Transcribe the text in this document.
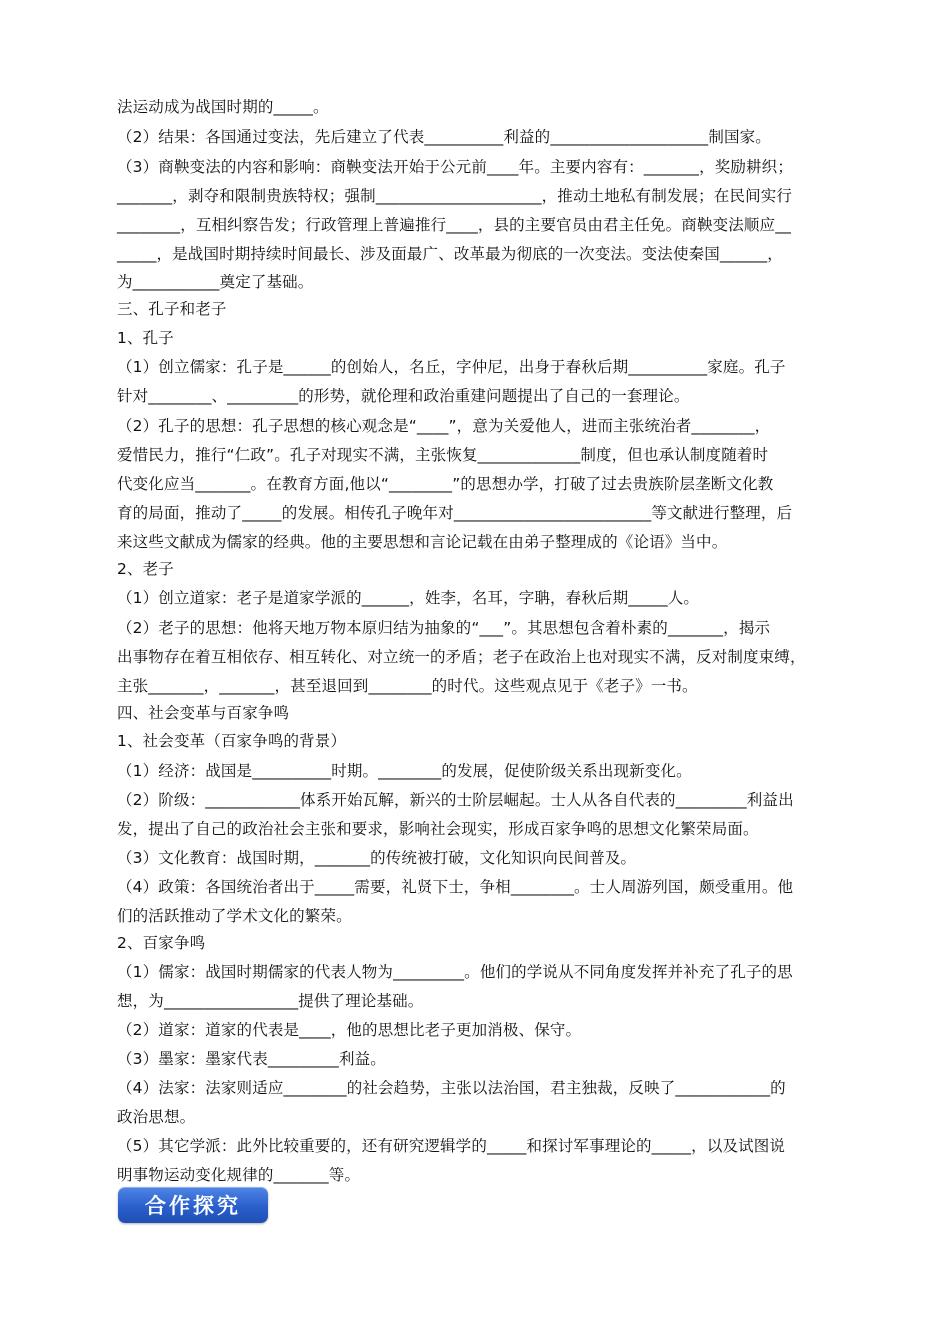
法运动成为战国时期的_____。
（2）结果：各国通过变法，先后建立了代表__________利益的____________________制国家。
（3）商鞅变法的内容和影响：商鞅变法开始于公元前____年。主要内容有：_______，奖励耕织；
_______，剥夺和限制贵族特权；强制_____________________，推动土地私有制发展；在民间实行
________，互相纠察告发；行政管理上普遍推行____，县的主要官员由君主任免。商鞅变法顺应__
_____，是战国时期持续时间最长、涉及面最广、改革最为彻底的一次变法。变法使秦国______，
为___________奠定了基础。
三、孔子和老子
1、孔子
（1）创立儒家：孔子是______的创始人，名丘，字仲尼，出身于春秋后期__________家庭。孔子
针对________、_________的形势，就伦理和政治重建问题提出了自己的一套理论。
（2）孔子的思想：孔子思想的核心观念是“____”，意为关爱他人，进而主张统治者________，
爱惜民力，推行“仁政”。孔子对现实不满，主张恢复_____________制度，但也承认制度随着时
代变化应当_______。在教育方面,他以“________”的思想办学，打破了过去贵族阶层垄断文化教
育的局面，推动了_____的发展。相传孔子晚年对_________________________等文献进行整理，后
来这些文献成为儒家的经典。他的主要思想和言论记载在由弟子整理成的《论语》当中。
2、老子
（1）创立道家：老子是道家学派的______，姓李，名耳，字聃，春秋后期_____人。
（2）老子的思想：他将天地万物本原归结为抽象的“___”。其思想包含着朴素的_______，揭示
出事物存在着互相依存、相互转化、对立统一的矛盾；老子在政治上也对现实不满，反对制度束缚，
主张_______，_______，甚至退回到________的时代。这些观点见于《老子》一书。
四、社会变革与百家争鸣
1、社会变革（百家争鸣的背景）
（1）经济：战国是__________时期。________的发展，促使阶级关系出现新变化。
（2）阶级：____________体系开始瓦解，新兴的士阶层崛起。士人从各自代表的_________利益出
发，提出了自己的政治社会主张和要求，影响社会现实，形成百家争鸣的思想文化繁荣局面。
（3）文化教育：战国时期，_______的传统被打破，文化知识向民间普及。
（4）政策：各国统治者出于_____需要，礼贤下士，争相________。士人周游列国，颇受重用。他
们的活跃推动了学术文化的繁荣。
2、百家争鸣
（1）儒家：战国时期儒家的代表人物为_________。他们的学说从不同角度发挥并补充了孔子的思
想，为_________________提供了理论基础。
（2）道家：道家的代表是____，他的思想比老子更加消极、保守。
（3）墨家：墨家代表_________利益。
（4）法家：法家则适应________的社会趋势，主张以法治国，君主独裁，反映了____________的
政治思想。
（5）其它学派：此外比较重要的，还有研究逻辑学的_____和探讨军事理论的_____，以及试图说
明事物运动变化规律的_______等。
合作探究
